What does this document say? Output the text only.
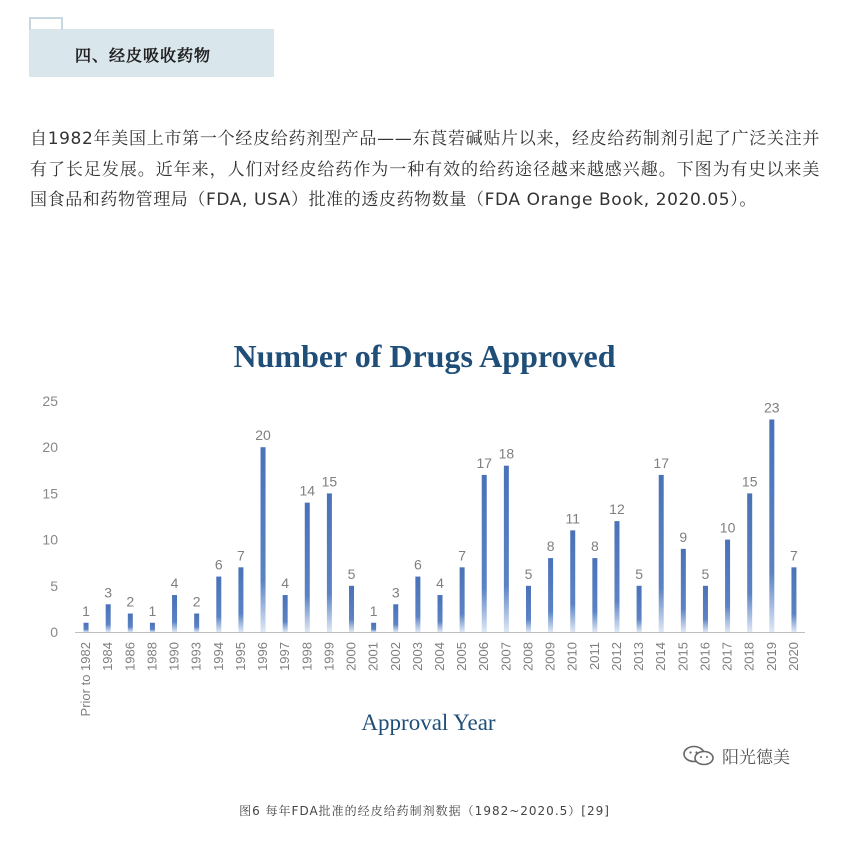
四、经皮吸收药物

自1982年美国上市第一个经皮给药剂型产品——东莨菪碱贴片以来，经皮给药制剂引起了广泛关注并有了长足发展。近年来，人们对经皮给药作为一种有效的给药途径越来越感兴趣。下图为有史以来美国食品和药物管理局（FDA, USA）批准的透皮药物数量（FDA Orange Book, 2020.05）。

Number of Drugs Approved
0
5
10
15
20
25
1
3
2
1
4
2
6
7
20
4
14
15
5
1
3
6
4
7
17
18
5
8
11
8
12
5
17
9
5
10
15
23
7
Prior to 1982 1984 1986 1988 1990 1993 1994 1995 1996 1997 1998 1999 2000 2001 2002 2003 2004 2005 2006 2007 2008 2009 2010 2011 2012 2013 2014 2015 2016 2017 2018 2019 2020
Approval Year
阳光德美
图6 每年FDA批准的经皮给药制剂数据（1982~2020.5）[29]
